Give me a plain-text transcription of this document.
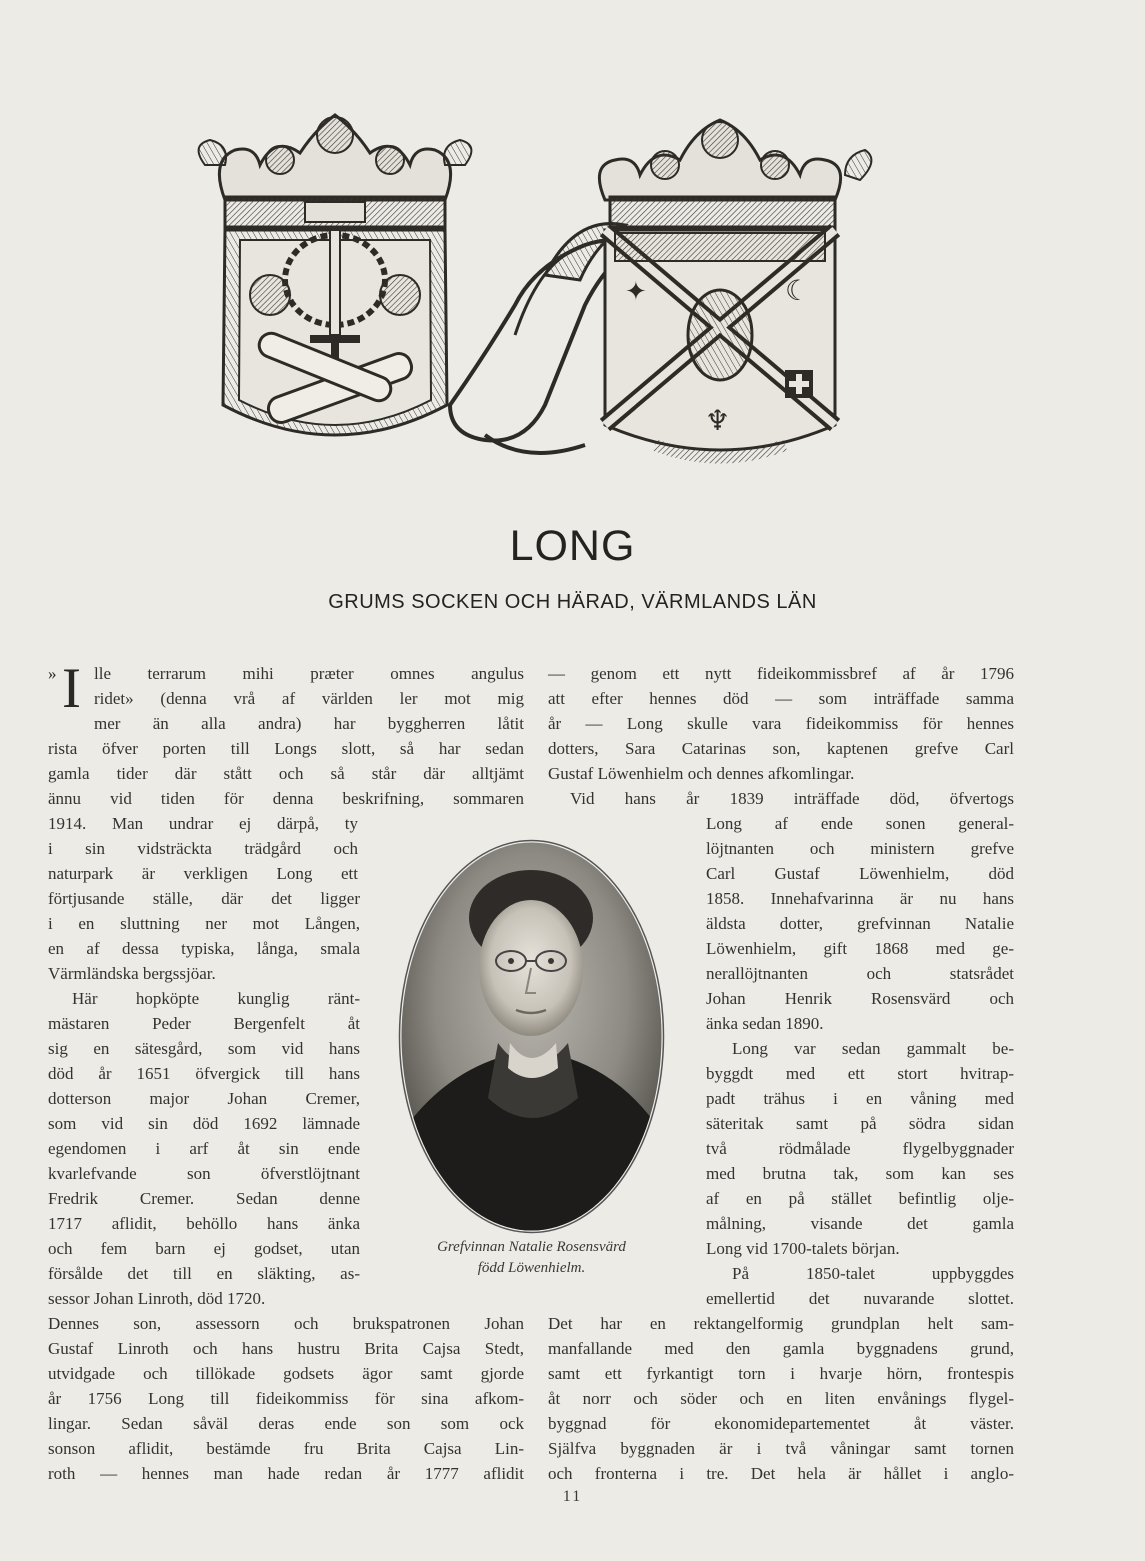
✦	☾
♆
LONG
GRUMS SOCKEN OCH HÄRAD, VÄRMLANDS LÄN
» I lle terrarum mihi præter omnes angulus
ridet» (denna vrå af världen ler mot mig
mer än alla andra) har byggherren låtit
rista öfver porten till Longs slott, så har sedan
gamla tider där stått och så står där alltjämt
ännu vid tiden för denna beskrifning, sommaren
1914. Man undrar ej därpå, ty
i sin vidsträckta trädgård och
naturpark är verkligen Long ett
förtjusande ställe, där det ligger
i en sluttning ner mot Lången,
en af dessa typiska, långa, smala
Värmländska bergssjöar.
Här hopköpte kunglig ränt-
mästaren Peder Bergenfelt åt
sig en sätesgård, som vid hans
död år 1651 öfvergick till hans
dotterson major Johan Cremer,
som vid sin död 1692 lämnade
egendomen i arf åt sin ende
kvarlefvande son öfverstlöjtnant
Fredrik Cremer. Sedan denne
1717 aflidit, behöllo hans änka
och fem barn ej godset, utan
försålde det till en släkting, as-
sessor Johan Linroth, död 1720.
Dennes son, assessorn och brukspatronen Johan
Gustaf Linroth och hans hustru Brita Cajsa Stedt,
utvidgade och tillökade godsets ägor samt gjorde
år 1756 Long till fideikommiss för sina afkom-
lingar. Sedan såväl deras ende son som ock
sonson aflidit, bestämde fru Brita Cajsa Lin-
roth — hennes man hade redan år 1777 aflidit
— genom ett nytt fideikommissbref af år 1796
att efter hennes död — som inträffade samma
år — Long skulle vara fideikommiss för hennes
dotters, Sara Catarinas son, kaptenen grefve Carl
Gustaf Löwenhielm och dennes afkomlingar.
Vid hans år 1839 inträffade död, öfvertogs
Long af ende sonen general-
löjtnanten och ministern grefve
Carl Gustaf Löwenhielm, död
1858. Innehafvarinna är nu hans
äldsta dotter, grefvinnan Natalie
Löwenhielm, gift 1868 med ge-
nerallöjtnanten och statsrådet
Johan Henrik Rosensvärd och
änka sedan 1890.
Long var sedan gammalt be-
byggdt med ett stort hvitrap-
padt trähus i en våning med
säteritak samt på södra sidan
två rödmålade flygelbyggnader
med brutna tak, som kan ses
af en på stället befintlig olje-
målning, visande det gamla
Long vid 1700-talets början.
På 1850-talet uppbyggdes
emellertid det nuvarande slottet.
Det har en rektangelformig grundplan helt sam-
manfallande med den gamla byggnadens grund,
samt ett fyrkantigt torn i hvarje hörn, frontespis
åt norr och söder och en liten envånings flygel-
byggnad för ekonomidepartementet åt väster.
Själfva byggnaden är i två våningar samt tornen
och fronterna i tre. Det hela är hållet i anglo-
Grefvinnan Natalie Rosensvärd
född Löwenhielm.
11
